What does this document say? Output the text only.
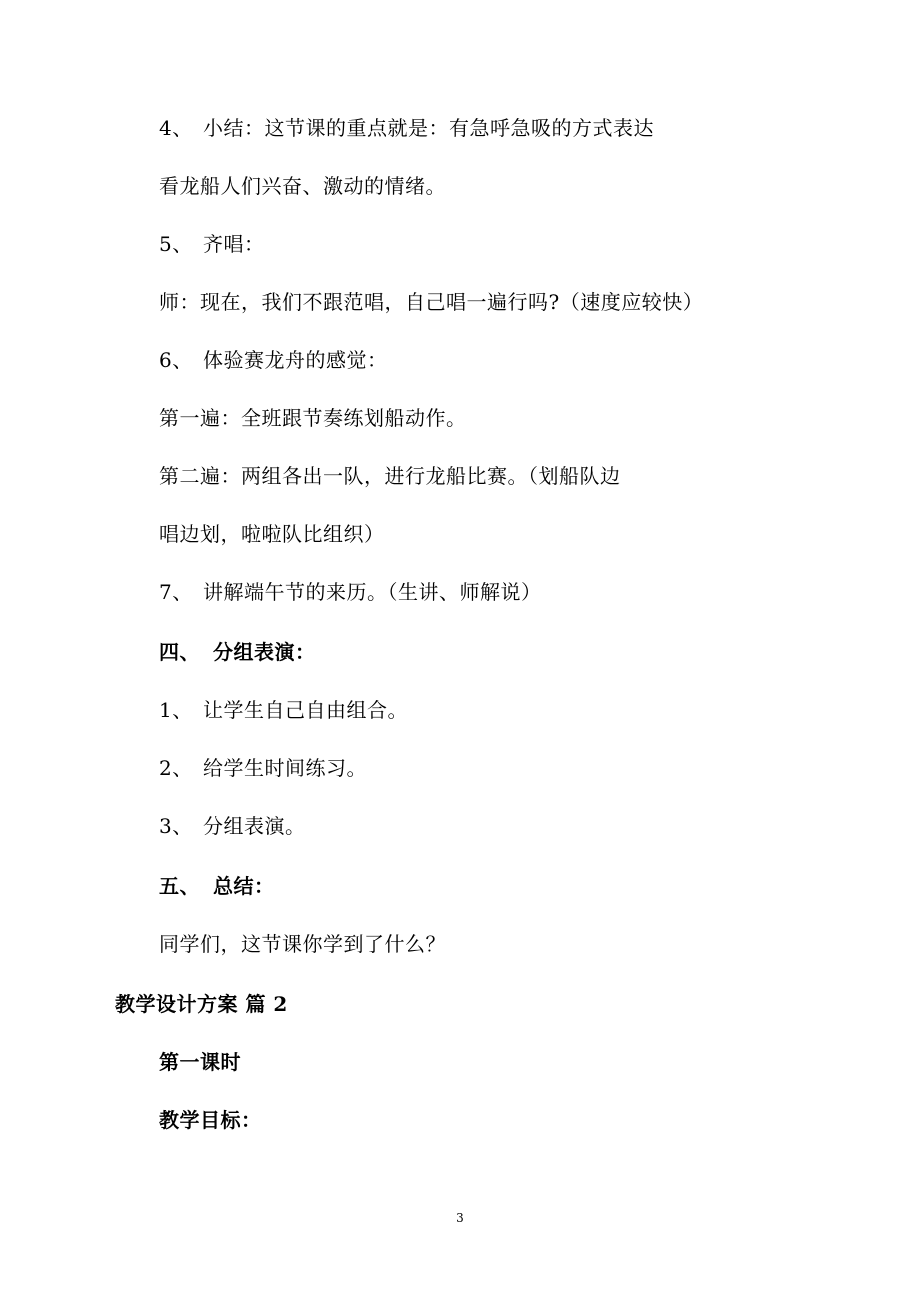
4、 小结：这节课的重点就是：有急呼急吸的方式表达
看龙船人们兴奋、激动的情绪。
5、 齐唱：
师：现在，我们不跟范唱，自己唱一遍行吗?（速度应较快）
6、 体验赛龙舟的感觉：
第一遍：全班跟节奏练划船动作。
第二遍：两组各出一队，进行龙船比赛。（划船队边
唱边划，啦啦队比组织）
7、 讲解端午节的来历。（生讲、师解说）
四、 分组表演：
1、 让学生自己自由组合。
2、 给学生时间练习。
3、 分组表演。
五、 总结：
同学们，这节课你学到了什么？
教学设计方案 篇 2
第一课时
教学目标：
3
